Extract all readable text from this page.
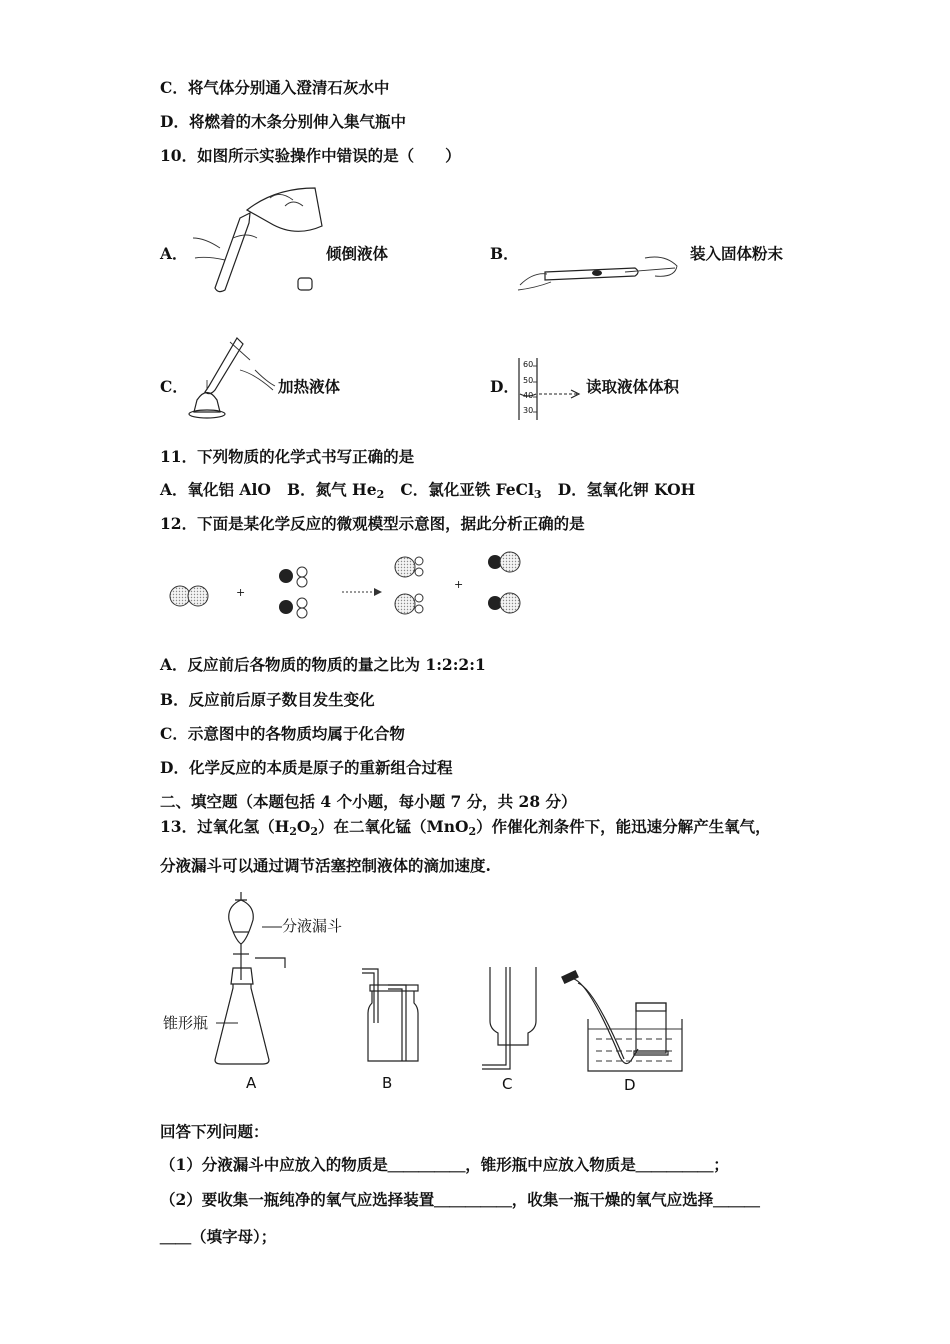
C．将气体分别通入澄清石灰水中
D．将燃着的木条分别伸入集气瓶中
10．如图所示实验操作中错误的是（　　）
A．	倾倒液体	B．	装入固体粉末
C．	加热液体	D．
60
50
40
30
读取液体体积
11．下列物质的化学式书写正确的是
A．氧化铝 AlO B．氮气 $He_2$ C．氯化亚铁 FeCl$_3$ D．氢氧化钾 KOH
12．下面是某化学反应的微观模型示意图，据此分析正确的是
+
+
A．反应前后各物质的物质的量之比为 1:2:2:1
B．反应前后原子数目发生变化
C．示意图中的各物质均属于化合物
D．化学反应的本质是原子的重新组合过程
二、填空题（本题包括 4 个小题，每小题 7 分，共 28 分）
13．过氧化氢$(H_2O_2)$在二氧化锰（MnO$_2$）作催化剂条件下，能迅速分解产生氧气，
分液漏斗可以通过调节活塞控制液体的滴加速度.
分液漏斗
锥形瓶
A	B	C	D
回答下列问题：
（1）分液漏斗中应放入的物质是＿＿＿＿＿，锥形瓶中应放入物质是＿＿＿＿＿；
（2）要收集一瓶纯净的氧气应选择装置＿＿＿＿＿，收集一瓶干燥的氧气应选择＿＿＿
＿＿（填字母）；
